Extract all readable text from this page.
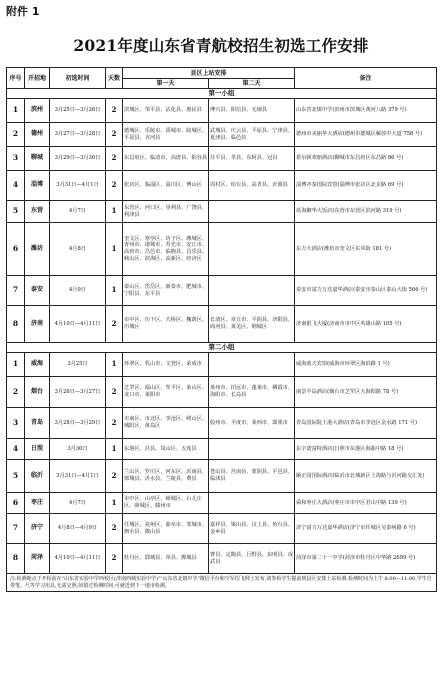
附件 1
2021年度山东省青航校招生初选工作安排
序号	开招地	初选时间	天数	县区上站安排		备注
				第一天	第二天	
第一小组						
1	滨州	3月25日—3月26日	2	滨城区、邹平县、沾化县、惠民县	博兴县、阳信县、无棣县	山东省北镇中学(滨州市滨城区黄河八路 379 号)
2	德州	3月27日—3月28日	2	德城区、乐陵市、禹城市、陵城区、平原县、齐河县	武城县、庆云县、平原县、宁津县、夏津县、临邑县	德州市美丽华大酒店(德州市德城区解放中大道 758 号)
3	聊城	3月29日—3月30日	2	东昌府区、临清市、高唐县、阳谷县	茌平县、莘县、东阿县、冠县	希尔顿欢朋酒店(聊城市东昌府区东昌路 86 号)
4	淄博	3月31日—4月1日	2	张店区、临淄区、淄川区、博山区	周村区、桓台县、高青县、沂源县	淄博齐泰国际宾馆(淄博市张店区北京路 69 号)
5	东营	4月7日	1	东营区、河口区、垦利县、广饶县、利津县		蓝海御华大饭店(东营市东营区滨河路 319 号)
6	潍坊	4月8日	1	奎文区、寒亭区、坊子区、潍城区、青州市、诸城市、寿光市、安丘市、高密市、昌邑市、临朐县、昌乐县、峡山区、滨海区、高新区、经济区		东方大酒店(潍坊市奎文区东风街 181 号)
7	泰安	4月9日	1	泰山区、岱岳区、新泰市、肥城市、宁阳县、东平县		泰安市富力万达嘉华酒店(泰安市泰山区泰山大街 566 号)
8	济南	4月10日—4月11日	2	市中区、历下区、天桥区、槐荫区、历城区	长清区、章丘市、平阴县、济阳县、商河县、莱芜区、钢城区	济南银飞大厦(济南市市中区英雄山路 105 号)
第二小组						
1	威海	3月25日	1	环翠区、乳山市、文登区、荣成市		威海蓝天宾馆(威海市环翠区海滨路 1 号)
2	烟台	3月26日—3月27日	2	芝罘区、福山区、牟平区、莱山区、龙口市、莱阳市	莱州市、招远市、蓬莱市、栖霞市、海阳市、长岛县	丽景半岛酒店(烟台市芝罘区大海阳路 78 号)
3	青岛	3月28日—3月29日	2	市南区、市北区、李沧区、崂山区、城阳区、黄岛区	胶州市、平度市、莱西市、即墨市	青岛国际院士港大酒店(青岛市李沧区金水路 171 号)
4	日照	3月30日	1	东港区、莒县、岚山区、五莲县		东宇诺富特酒店(日照市东港区海曲中路 18 号)
5	临沂	3月31日—4月1日	2	兰山区、罗庄区、河东区、沂南县、郯城县、沂水县、兰陵县、费县	苍山县、莒南县、蒙阴县、平邑县、临沭县	颐正园国际酒店(临沂市北城新区上海路与沂河路交汇处)
6	枣庄	4月7日	1	市中区、山亭区、峄城区、台儿庄区、薛城区、滕州市		舜和枣庄大酒店(枣庄市市中区君山中路 139 号)
7	济宁	4月8日—4月9日	2	任城区、兖州区、曲阜市、邹城市、泗水县、微山县	嘉祥县、梁山县、汶上县、鱼台县、金乡县	济宁富力万达嘉华酒店(济宁市任城区吴泰闸路 6 号)
8	菏泽	4月10日—4月11日	2	牡丹区、郓城县、单县、鄄城县	曹县、定陶县、巨野县、东明县、成武县	菏泽市第二十一中学(菏泽市牡丹区中华路 2699 号)
注:检测地点于开检前在"山东省实验中学西校区(济南西城实验中学)""山东省北镇中学"微信平台和空军招飞网上发布,请参检学生提前到县区安排上站检测,检测时间为上午 8:00—11:00,学生自带笔、尺等学习用具,无需交照;如错过检测时间,可就近到下一地市检测。						
